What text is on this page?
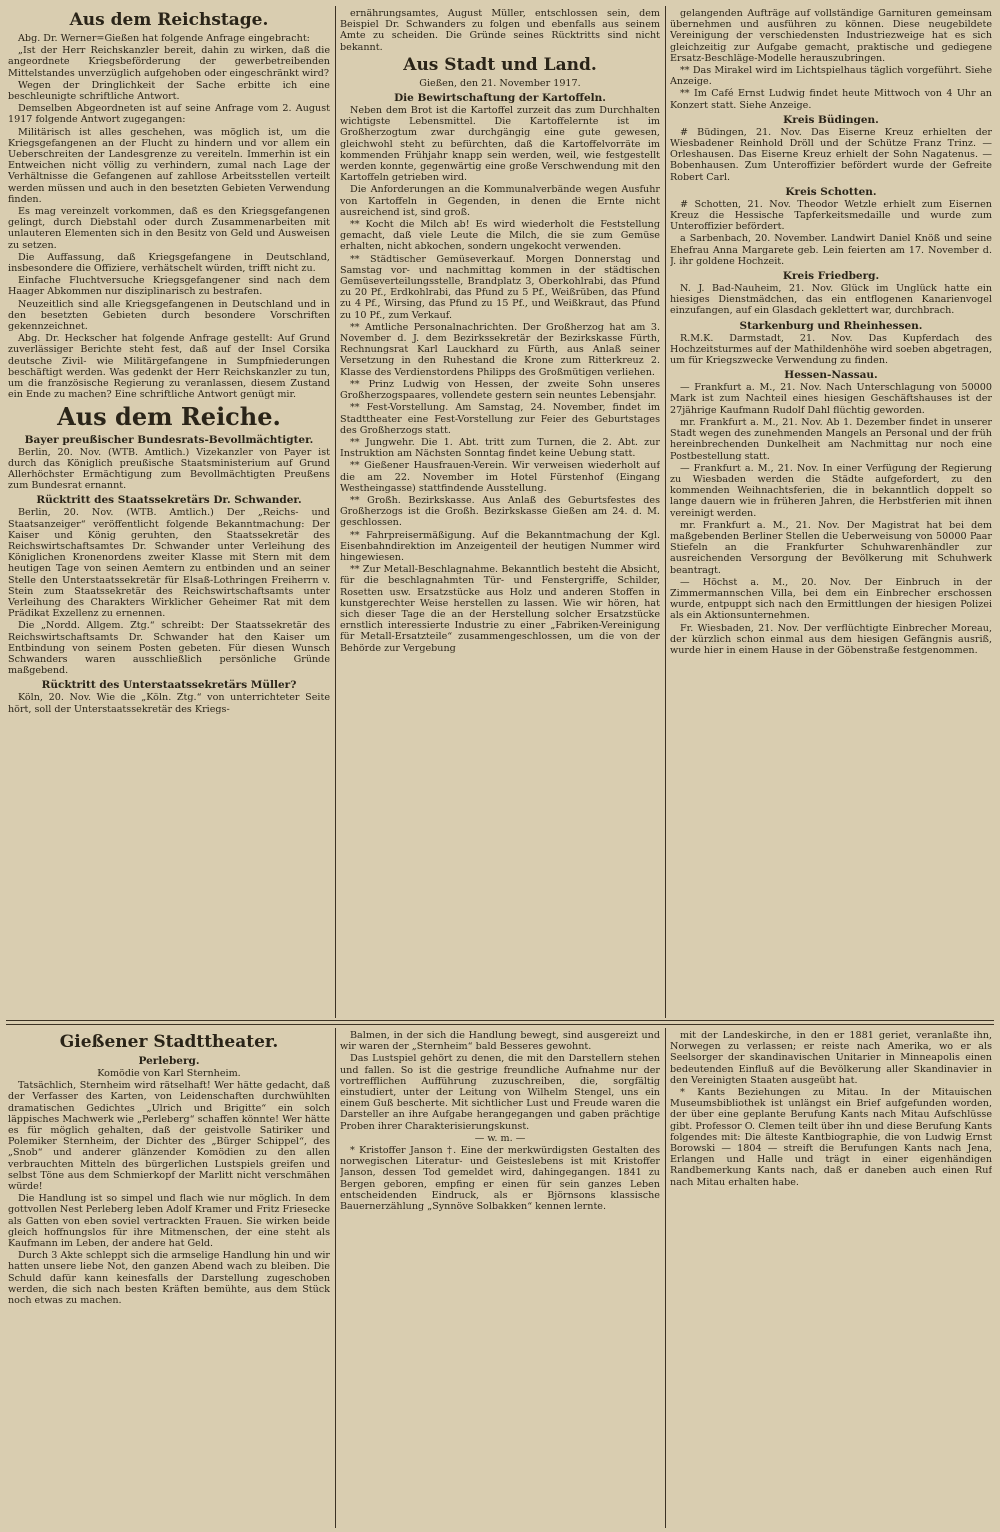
Aus dem Reichstage.

Abg. Dr. Werner=Gießen hat folgende Anfrage eingebracht:

„Ist der Herr Reichskanzler bereit, dahin zu wirken, daß die angeordnete Kriegsbeförderung der gewerbetreibenden Mittelstandes unverzüglich aufgehoben oder eingeschränkt wird?

Wegen der Dringlichkeit der Sache erbitte ich eine beschleunigte schriftliche Antwort.

Demselben Abgeordneten ist auf seine Anfrage vom 2. August 1917 folgende Antwort zugegangen:

Militärisch ist alles geschehen, was möglich ist, um die Kriegsgefangenen an der Flucht zu hindern und vor allem ein Ueberschreiten der Landesgrenze zu vereiteln. Immerhin ist ein Entweichen nicht völlig zu verhindern, zumal nach Lage der Verhältnisse die Gefangenen auf zahllose Arbeitsstellen verteilt werden müssen und auch in den besetzten Gebieten Verwendung finden.

Es mag vereinzelt vorkommen, daß es den Kriegsgefangenen gelingt, durch Diebstahl oder durch Zusammenarbeiten mit unlauteren Elementen sich in den Besitz von Geld und Ausweisen zu setzen.

Die Auffassung, daß Kriegsgefangene in Deutschland, insbesondere die Offiziere, verhätschelt würden, trifft nicht zu.

Einfache Fluchtversuche Kriegsgefangener sind nach dem Haager Abkommen nur disziplinarisch zu bestrafen.

Neuzeitlich sind alle Kriegsgefangenen in Deutschland und in den besetzten Gebieten durch besondere Vorschriften gekennzeichnet.

Abg. Dr. Heckscher hat folgende Anfrage gestellt: Auf Grund zuverlässiger Berichte steht fest, daß auf der Insel Corsika deutsche Zivil- wie Militärgefangene in Sumpfniederungen beschäftigt werden. Was gedenkt der Herr Reichskanzler zu tun, um die französische Regierung zu veranlassen, diesem Zustand ein Ende zu machen? Eine schriftliche Antwort genügt mir.

Aus dem Reiche.
Bayer preußischer Bundesrats-Bevollmächtigter.

Berlin, 20. Nov. (WTB. Amtlich.) Vizekanzler von Payer ist durch das Königlich preußische Staatsministerium auf Grund Allerhöchster Ermächtigung zum Bevollmächtigten Preußens zum Bundesrat ernannt.

Rücktritt des Staatssekretärs Dr. Schwander.

Berlin, 20. Nov. (WTB. Amtlich.) Der „Reichs- und Staatsanzeiger“ veröffentlicht folgende Bekanntmachung: Der Kaiser und König geruhten, den Staatssekretär des Reichswirtschaftsamtes Dr. Schwander unter Verleihung des Königlichen Kronenordens zweiter Klasse mit Stern mit dem heutigen Tage von seinen Aemtern zu entbinden und an seiner Stelle den Unterstaatssekretär für Elsaß-Lothringen Freiherrn v. Stein zum Staatssekretär des Reichswirtschaftsamts unter Verleihung des Charakters Wirklicher Geheimer Rat mit dem Prädikat Exzellenz zu ernennen.

Die „Nordd. Allgem. Ztg.“ schreibt: Der Staatssekretär des Reichswirtschaftsamts Dr. Schwander hat den Kaiser um Entbindung von seinem Posten gebeten. Für diesen Wunsch Schwanders waren ausschließlich persönliche Gründe maßgebend.

Rücktritt des Unterstaatssekretärs Müller?

Köln, 20. Nov. Wie die „Köln. Ztg.“ von unterrichteter Seite hört, soll der Unterstaatssekretär des Kriegs-

ernährungsamtes, August Müller, entschlossen sein, dem Beispiel Dr. Schwanders zu folgen und ebenfalls aus seinem Amte zu scheiden. Die Gründe seines Rücktritts sind nicht bekannt.

Aus Stadt und Land.

Gießen, den 21. November 1917.

Die Bewirtschaftung der Kartoffeln.

Neben dem Brot ist die Kartoffel zurzeit das zum Durchhalten wichtigste Lebensmittel. Die Kartoffelernte ist im Großherzogtum zwar durchgängig eine gute gewesen, gleichwohl steht zu befürchten, daß die Kartoffelvorräte im kommenden Frühjahr knapp sein werden, weil, wie festgestellt werden konnte, gegenwärtig eine große Verschwendung mit den Kartoffeln getrieben wird.

Die Anforderungen an die Kommunalverbände wegen Ausfuhr von Kartoffeln in Gegenden, in denen die Ernte nicht ausreichend ist, sind groß.

** Kocht die Milch ab! Es wird wiederholt die Feststellung gemacht, daß viele Leute die Milch, die sie zum Gemüse erhalten, nicht abkochen, sondern ungekocht verwenden.

** Städtischer Gemüseverkauf. Morgen Donnerstag und Samstag vor- und nachmittag kommen in der städtischen Gemüseverteilungsstelle, Brandplatz 3, Oberkohlrabi, das Pfund zu 20 Pf., Erdkohlrabi, das Pfund zu 5 Pf., Weißrüben, das Pfund zu 4 Pf., Wirsing, das Pfund zu 15 Pf., und Weißkraut, das Pfund zu 10 Pf., zum Verkauf.

** Amtliche Personalnachrichten. Der Großherzog hat am 3. November d. J. dem Bezirkssekretär der Bezirkskasse Fürth, Rechnungsrat Karl Lauckhard zu Fürth, aus Anlaß seiner Versetzung in den Ruhestand die Krone zum Ritterkreuz 2. Klasse des Verdienstordens Philipps des Großmütigen verliehen.

** Prinz Ludwig von Hessen, der zweite Sohn unseres Großherzogspaares, vollendete gestern sein neuntes Lebensjahr.

** Fest-Vorstellung. Am Samstag, 24. November, findet im Stadttheater eine Fest-Vorstellung zur Feier des Geburtstages des Großherzogs statt.

** Jungwehr. Die 1. Abt. tritt zum Turnen, die 2. Abt. zur Instruktion am Nächsten Sonntag findet keine Uebung statt.

** Gießener Hausfrauen-Verein. Wir verweisen wiederholt auf die am 22. November im Hotel Fürstenhof (Eingang Westheingasse) stattfindende Ausstellung.

** Großh. Bezirkskasse. Aus Anlaß des Geburtsfestes des Großherzogs ist die Großh. Bezirkskasse Gießen am 24. d. M. geschlossen.

** Fahrpreisermäßigung. Auf die Bekanntmachung der Kgl. Eisenbahndirektion im Anzeigenteil der heutigen Nummer wird hingewiesen.

** Zur Metall-Beschlagnahme. Bekanntlich besteht die Absicht, für die beschlagnahmten Tür- und Fenstergriffe, Schilder, Rosetten usw. Ersatzstücke aus Holz und anderen Stoffen in kunstgerechter Weise herstellen zu lassen. Wie wir hören, hat sich dieser Tage die an der Herstellung solcher Ersatzstücke ernstlich interessierte Industrie zu einer „Fabriken-Vereinigung für Metall-Ersatzteile“ zusammengeschlossen, um die von der Behörde zur Vergebung

gelangenden Aufträge auf vollständige Garnituren gemeinsam übernehmen und ausführen zu können. Diese neugebildete Vereinigung der verschiedensten Industriezweige hat es sich gleichzeitig zur Aufgabe gemacht, praktische und gediegene Ersatz-Beschläge-Modelle herauszubringen.

** Das Mirakel wird im Lichtspielhaus täglich vorgeführt. Siehe Anzeige.

** Im Café Ernst Ludwig findet heute Mittwoch von 4 Uhr an Konzert statt. Siehe Anzeige.

Kreis Büdingen.

# Büdingen, 21. Nov. Das Eiserne Kreuz erhielten der Wiesbadener Reinhold Dröll und der Schütze Franz Trinz. — Orleshausen. Das Eiserne Kreuz erhielt der Sohn Nagatenus. — Bobenhausen. Zum Unteroffizier befördert wurde der Gefreite Robert Carl.

Kreis Schotten.

# Schotten, 21. Nov. Theodor Wetzle erhielt zum Eisernen Kreuz die Hessische Tapferkeitsmedaille und wurde zum Unteroffizier befördert.

a Sarbenbach, 20. November. Landwirt Daniel Knöß und seine Ehefrau Anna Margarete geb. Lein feierten am 17. November d. J. ihr goldene Hochzeit.

Kreis Friedberg.

N. J. Bad-Nauheim, 21. Nov. Glück im Unglück hatte ein hiesiges Dienstmädchen, das ein entflogenen Kanarienvogel einzufangen, auf ein Glasdach geklettert war, durchbrach.

Starkenburg und Rheinhessen.

R.M.K. Darmstadt, 21. Nov. Das Kupferdach des Hochzeitsturmes auf der Mathildenhöhe wird soeben abgetragen, um für Kriegszwecke Verwendung zu finden.

Hessen-Nassau.

— Frankfurt a. M., 21. Nov. Nach Unterschlagung von 50000 Mark ist zum Nachteil eines hiesigen Geschäftshauses ist der 27jährige Kaufmann Rudolf Dahl flüchtig geworden.

mr. Frankfurt a. M., 21. Nov. Ab 1. Dezember findet in unserer Stadt wegen des zunehmenden Mangels an Personal und der früh hereinbrechenden Dunkelheit am Nachmittag nur noch eine Postbestellung statt.

— Frankfurt a. M., 21. Nov. In einer Verfügung der Regierung zu Wiesbaden werden die Städte aufgefordert, zu den kommenden Weihnachtsferien, die in bekanntlich doppelt so lange dauern wie in früheren Jahren, die Herbstferien mit ihnen vereinigt werden.

mr. Frankfurt a. M., 21. Nov. Der Magistrat hat bei dem maßgebenden Berliner Stellen die Ueberweisung von 50000 Paar Stiefeln an die Frankfurter Schuhwarenhändler zur ausreichenden Versorgung der Bevölkerung mit Schuhwerk beantragt.

— Höchst a. M., 20. Nov. Der Einbruch in der Zimmermannschen Villa, bei dem ein Einbrecher erschossen wurde, entpuppt sich nach den Ermittlungen der hiesigen Polizei als ein Aktionsunternehmen.

Fr. Wiesbaden, 21. Nov. Der verflüchtigte Einbrecher Moreau, der kürzlich schon einmal aus dem hiesigen Gefängnis ausriß, wurde hier in einem Hause in der Göbenstraße festgenommen.

Gießener Stadttheater.
Perleberg.

Komödie von Karl Sternheim.

Tatsächlich, Sternheim wird rätselhaft! Wer hätte gedacht, daß der Verfasser des Karten, von Leidenschaften durchwühlten dramatischen Gedichtes „Ulrich und Brigitte“ ein solch läppisches Machwerk wie „Perleberg“ schaffen könnte! Wer hätte es für möglich gehalten, daß der geistvolle Satiriker und Polemiker Sternheim, der Dichter des „Bürger Schippel“, des „Snob“ und anderer glänzender Komödien zu den allen verbrauchten Mitteln des bürgerlichen Lustspiels greifen und selbst Töne aus dem Schmierkopf der Marlitt nicht verschmähen würde!

Die Handlung ist so simpel und flach wie nur möglich. In dem gottvollen Nest Perleberg leben Adolf Kramer und Fritz Friesecke als Gatten von eben soviel vertrackten Frauen. Sie wirken beide gleich hoffnungslos für ihre Mitmenschen, der eine steht als Kaufmann im Leben, der andere hat Geld.

Durch 3 Akte schleppt sich die armselige Handlung hin und wir hatten unsere liebe Not, den ganzen Abend wach zu bleiben. Die Schuld dafür kann keinesfalls der Darstellung zugeschoben werden, die sich nach besten Kräften bemühte, aus dem Stück noch etwas zu machen.

Balmen, in der sich die Handlung bewegt, sind ausgereizt und wir waren der „Sternheim“ bald Besseres gewohnt.

Das Lustspiel gehört zu denen, die mit den Darstellern stehen und fallen. So ist die gestrige freundliche Aufnahme nur der vortrefflichen Aufführung zuzuschreiben, die, sorgfältig einstudiert, unter der Leitung von Wilhelm Stengel, uns ein einem Guß bescherte. Mit sichtlicher Lust und Freude waren die Darsteller an ihre Aufgabe herangegangen und gaben prächtige Proben ihrer Charakterisierungskunst.

— w. m. —

* Kristoffer Janson †. Eine der merkwürdigsten Gestalten des norwegischen Literatur- und Geisteslebens ist mit Kristoffer Janson, dessen Tod gemeldet wird, dahingegangen. 1841 zu Bergen geboren, empfing er einen für sein ganzes Leben entscheidenden Eindruck, als er Björnsons klassische Bauernerzählung „Synnöve Solbakken“ kennen lernte.

mit der Landeskirche, in den er 1881 geriet, veranlaßte ihn, Norwegen zu verlassen; er reiste nach Amerika, wo er als Seelsorger der skandinavischen Unitarier in Minneapolis einen bedeutenden Einfluß auf die Bevölkerung aller Skandinavier in den Vereinigten Staaten ausgeübt hat.

* Kants Beziehungen zu Mitau. In der Mitauischen Museumsbibliothek ist unlängst ein Brief aufgefunden worden, der über eine geplante Berufung Kants nach Mitau Aufschlüsse gibt. Professor O. Clemen teilt über ihn und diese Berufung Kants folgendes mit: Die älteste Kantbiographie, die von Ludwig Ernst Borowski — 1804 — streift die Berufungen Kants nach Jena, Erlangen und Halle und trägt in einer eigenhändigen Randbemerkung Kants nach, daß er daneben auch einen Ruf nach Mitau erhalten habe.
